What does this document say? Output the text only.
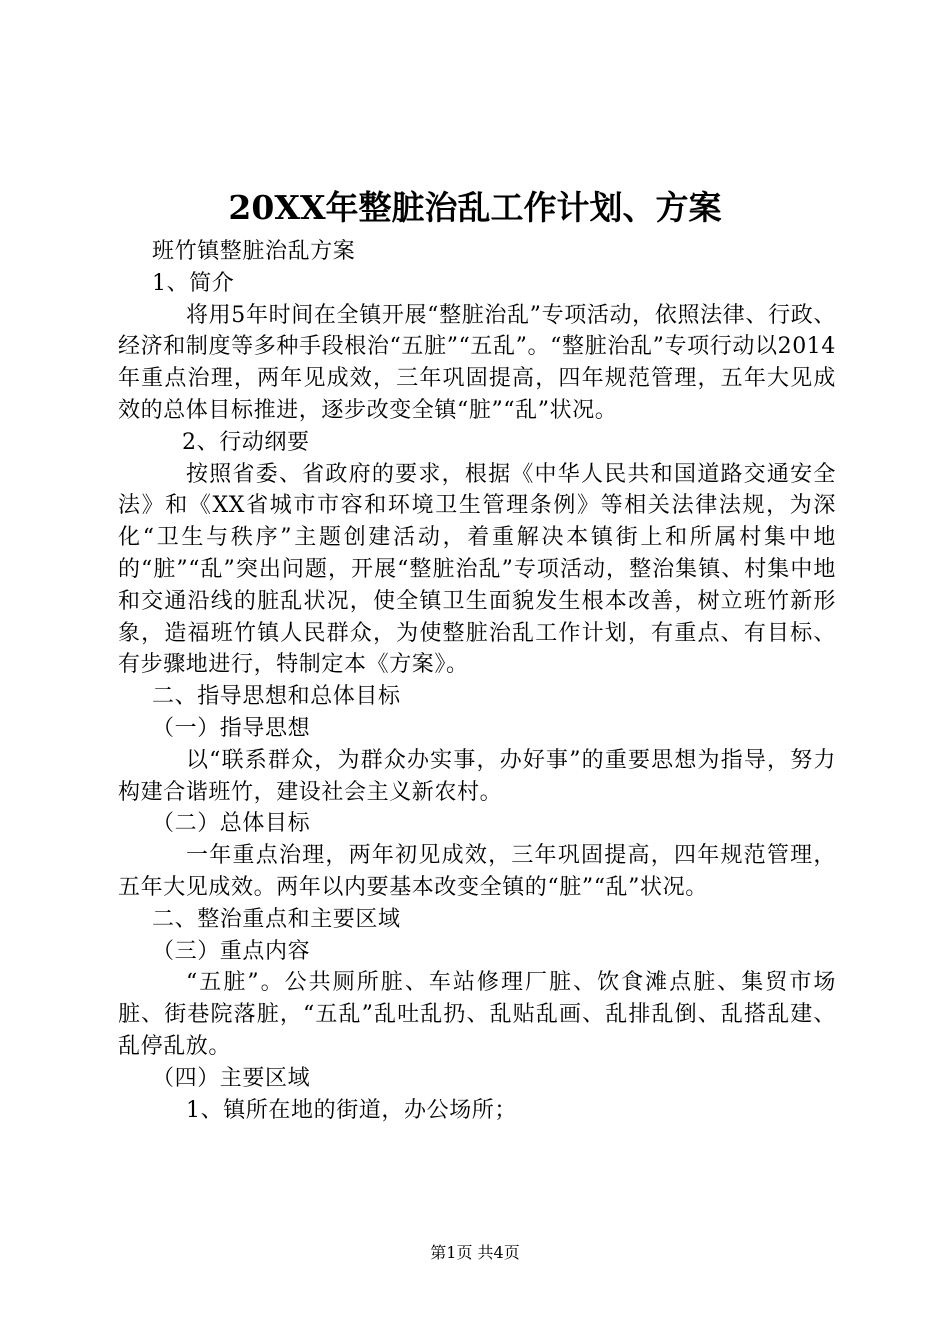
20XX年整脏治乱工作计划、方案

班竹镇整脏治乱方案

1、简介

将用5年时间在全镇开展“整脏治乱”专项活动，依照法律、行政、经济和制度等多种手段根治“五脏”“五乱”。“整脏治乱”专项行动以2014年重点治理，两年见成效，三年巩固提高，四年规范管理，五年大见成效的总体目标推进，逐步改变全镇“脏”“乱”状况。

2、行动纲要

按照省委、省政府的要求，根据《中华人民共和国道路交通安全法》和《XX省城市市容和环境卫生管理条例》等相关法律法规，为深化“卫生与秩序”主题创建活动，着重解决本镇街上和所属村集中地的“脏”“乱”突出问题，开展“整脏治乱”专项活动，整治集镇、村集中地和交通沿线的脏乱状况，使全镇卫生面貌发生根本改善，树立班竹新形象，造福班竹镇人民群众，为使整脏治乱工作计划，有重点、有目标、有步骤地进行，特制定本《方案》。

二、指导思想和总体目标

（一）指导思想

以“联系群众，为群众办实事，办好事”的重要思想为指导，努力构建合谐班竹，建设社会主义新农村。

（二）总体目标

一年重点治理，两年初见成效，三年巩固提高，四年规范管理，五年大见成效。两年以内要基本改变全镇的“脏”“乱”状况。

二、整治重点和主要区域

（三）重点内容

“五脏”。公共厕所脏、车站修理厂脏、饮食滩点脏、集贸市场脏、街巷院落脏，“五乱”乱吐乱扔、乱贴乱画、乱排乱倒、乱搭乱建、乱停乱放。

（四）主要区域

1、镇所在地的街道，办公场所；

第1页 共4页
